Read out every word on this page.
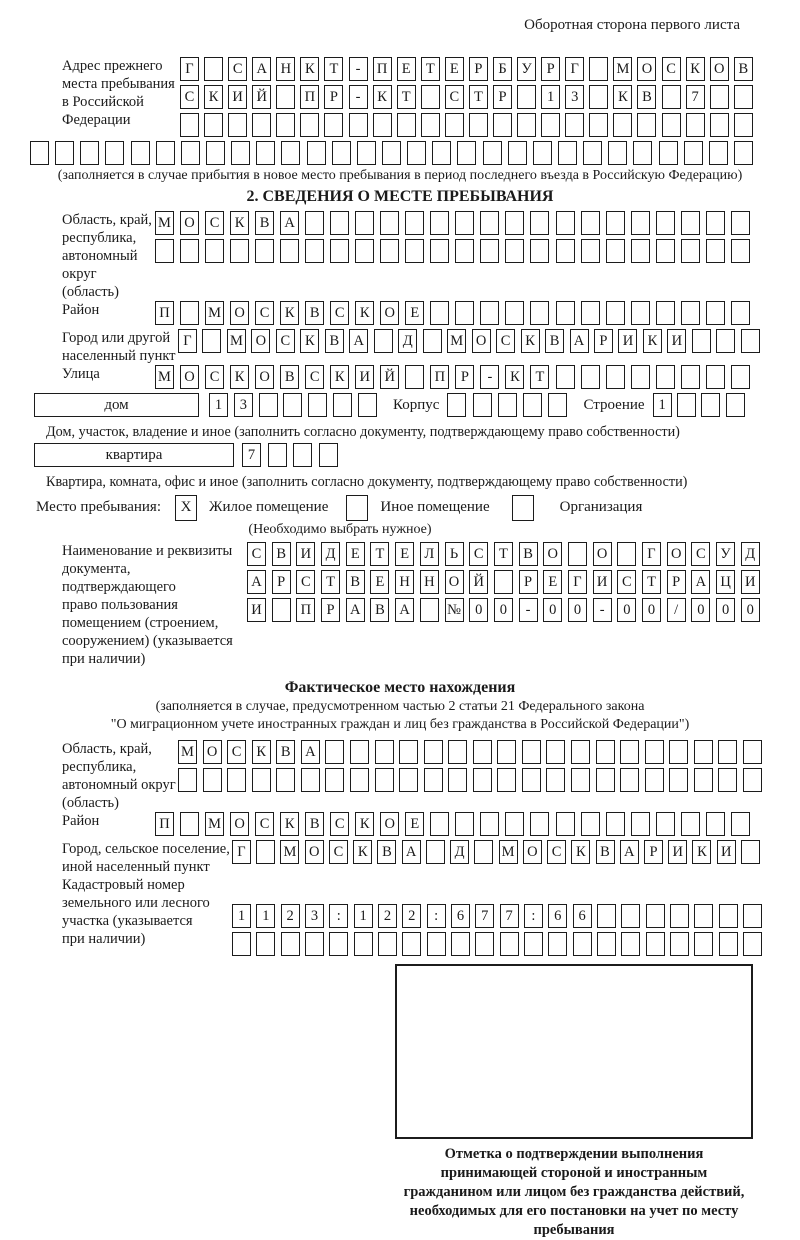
Оборотная сторона первого листа
Адрес прежнего
места пребывания
в Российской
Федерации
Г	С А Н К	Т	-	П Е	Т	Е	Р	Б	У	Р	Г	М О С К О В
С К И Й	П	Р	-	К	Т	С	Т	Р	1	3	К В	7
(заполняется в случае прибытия в новое место пребывания в период последнего въезда в Российскую Федерацию)
2. СВЕДЕНИЯ О МЕСТЕ ПРЕБЫВАНИЯ
Область, край,
республика,
автономный
округ (область)
М О	С	К	В	А
Район	П	М О	С	К	В	С	К	О	Е
Город или другой
населенный пункт
Г	М О С	К	В А	Д	М О С	К	В А	Р	И К И
Улица	М О	С	К	О	В	С	К	И Й	П	Р	-	К	Т
дом	1	3	Корпус	Строение 1
Дом, участок, владение и иное (заполнить согласно документу, подтверждающему право собственности)
квартира	7
Квартира, комната, офис и иное (заполнить согласно документу, подтверждающему право собственности)
Место пребывания:	X	Жилое помещение	Иное помещение	Организация
(Необходимо выбрать нужное)
Наименование и реквизиты
документа, подтверждающего
право пользования
помещением (строением,
сооружением) (указывается
при наличии)
С	В	И	Д	Е	Т	Е	Л	Ь	С	Т	В	О	О	Г	О	С	У	Д
А	Р	С	Т	В	Е	Н Н О Й	Р	Е	Г	И	С	Т	Р	А Ц И
И	П	Р	А	В	А	№ 0	0	-	0	0	-	0	0	/	0	0	0
Фактическое место нахождения
(заполняется в случае, предусмотренном частью 2 статьи 21 Федерального закона
"О миграционном учете иностранных граждан и лиц без гражданства в Российской Федерации")
Область, край,
республика,
автономный округ
(область)
М О С	К	В А
Район	П	М О	С	К	В	С	К	О	Е
Город, сельское поселение,
иной населенный пункт
Г	М О С	К	В А	Д	М О С	К	В А	Р	И К И
Кадастровый номер
земельного или лесного
участка (указывается
при наличии)
1	1	2	3	:	1	2	2	:	6	7	7	:	6	6
Отметка о подтверждении выполнения принимающей стороной и иностранным гражданином или лицом без гражданства действий, необходимых для его постановки на учет по месту пребывания
